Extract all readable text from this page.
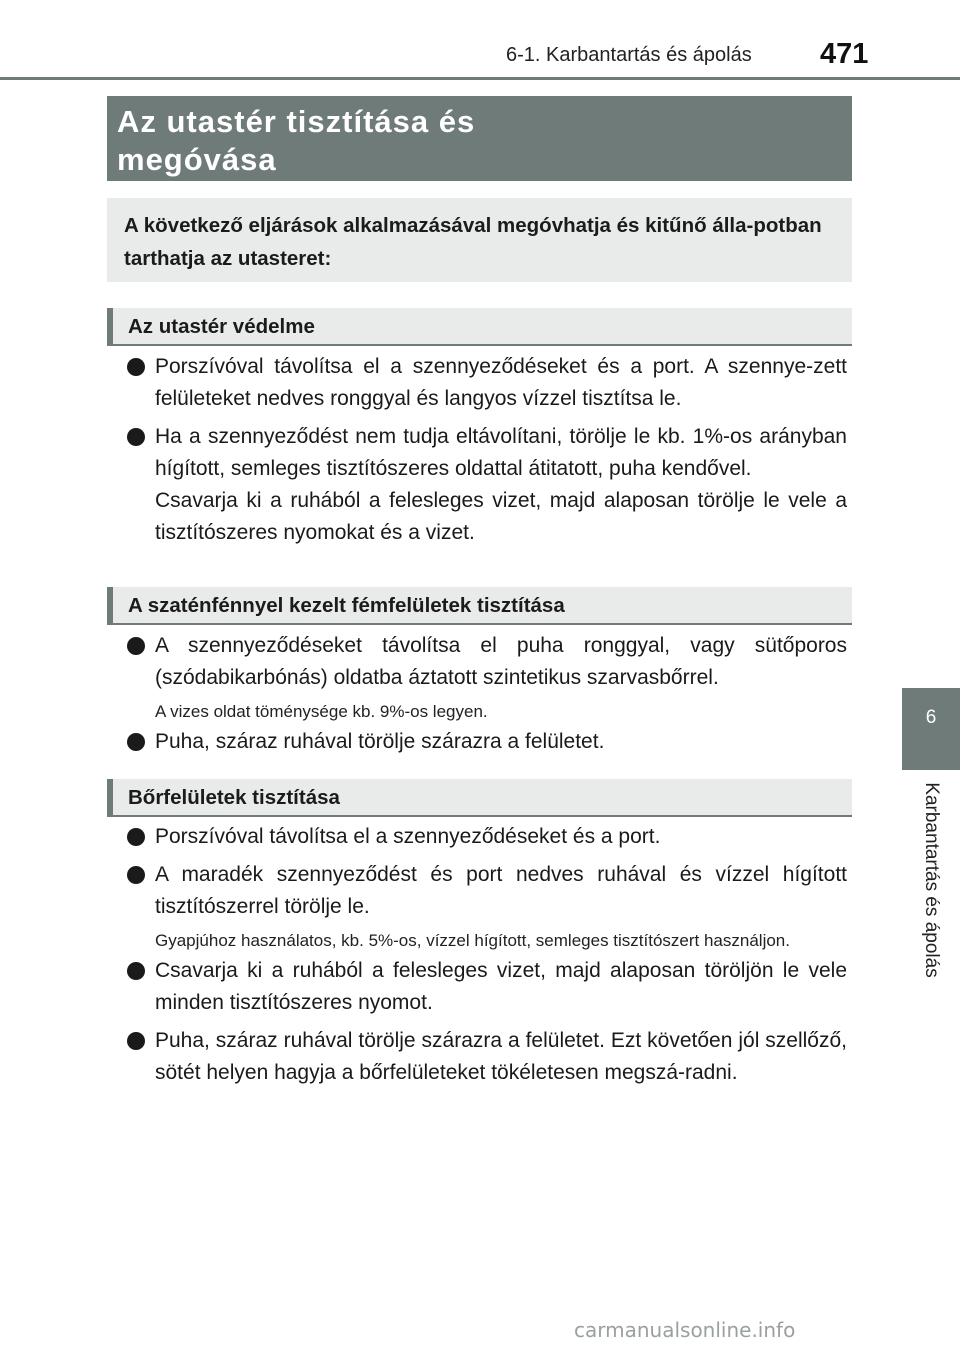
6-1. Karbantartás és ápolás 471
Az utastér tisztítása és
megóvása
A következő eljárások alkalmazásával megóvhatja és kitűnő álla-potban tarthatja az utasteret:
Az utastér védelme
Porszívóval távolítsa el a szennyeződéseket és a port. A szennye-zett felületeket nedves ronggyal és langyos vízzel tisztítsa le.
Ha a szennyeződést nem tudja eltávolítani, törölje le kb. 1%-os arányban hígított, semleges tisztítószeres oldattal átitatott, puha kendővel.
Csavarja ki a ruhából a felesleges vizet, majd alaposan törölje le vele a tisztítószeres nyomokat és a vizet.
A szaténfénnyel kezelt fémfelületek tisztítása
A szennyeződéseket távolítsa el puha ronggyal, vagy sütőporos (szódabikarbónás) oldatba áztatott szintetikus szarvasbőrrel.
A vizes oldat töménysége kb. 9%-os legyen.
Puha, száraz ruhával törölje szárazra a felületet.
Bőrfelületek tisztítása
Porszívóval távolítsa el a szennyeződéseket és a port.
A maradék szennyeződést és port nedves ruhával és vízzel hígított tisztítószerrel törölje le.
Gyapjúhoz használatos, kb. 5%-os, vízzel hígított, semleges tisztítószert használjon.
Csavarja ki a ruhából a felesleges vizet, majd alaposan töröljön le vele minden tisztítószeres nyomot.
Puha, száraz ruhával törölje szárazra a felületet. Ezt követően jól szellőző, sötét helyen hagyja a bőrfelületeket tökéletesen megszá-radni.
6
Karbantartás és ápolás
carmanualsonline.info
